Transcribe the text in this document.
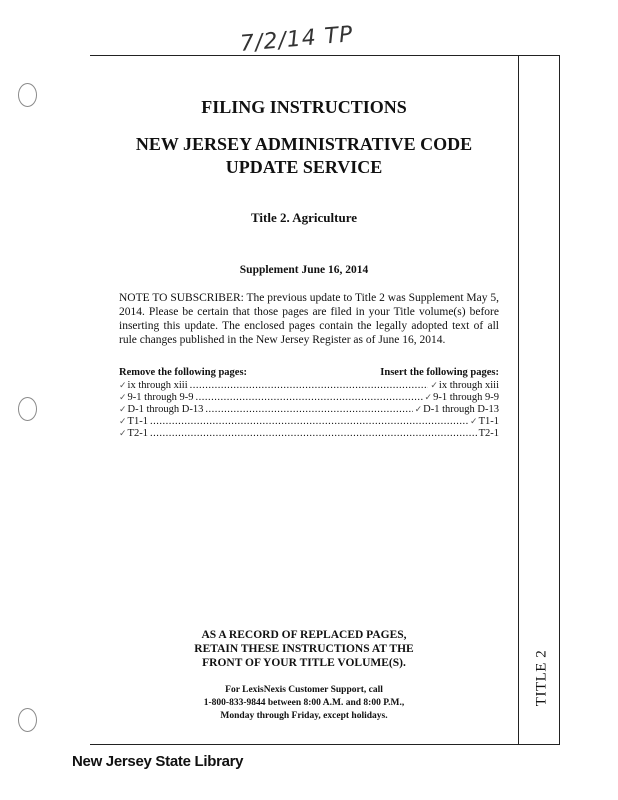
7/2/14 TP
FILING INSTRUCTIONS
NEW JERSEY ADMINISTRATIVE CODE
UPDATE SERVICE
Title 2. Agriculture
Supplement June 16, 2014
NOTE TO SUBSCRIBER: The previous update to Title 2 was Supplement May 5, 2014. Please be certain that those pages are filed in your Title volume(s) before inserting this update. The enclosed pages contain the legally adopted text of all rule changes published in the New Jersey Register as of June 16, 2014.
Remove the following pages:	Insert the following pages:
✓ ix through xiii .....	✓ ix through xiii
✓ 9-1 through 9-9 .....	✓ 9-1 through 9-9
✓ D-1 through D-13 .....	✓ D-1 through D-13
✓ T1-1 .....	✓ T1-1
✓ T2-1 .....	T2-1
AS A RECORD OF REPLACED PAGES,
RETAIN THESE INSTRUCTIONS AT THE
FRONT OF YOUR TITLE VOLUME(S).
For LexisNexis Customer Support, call
1-800-833-9844 between 8:00 A.M. and 8:00 P.M.,
Monday through Friday, except holidays.
TITLE 2
New Jersey State Library
